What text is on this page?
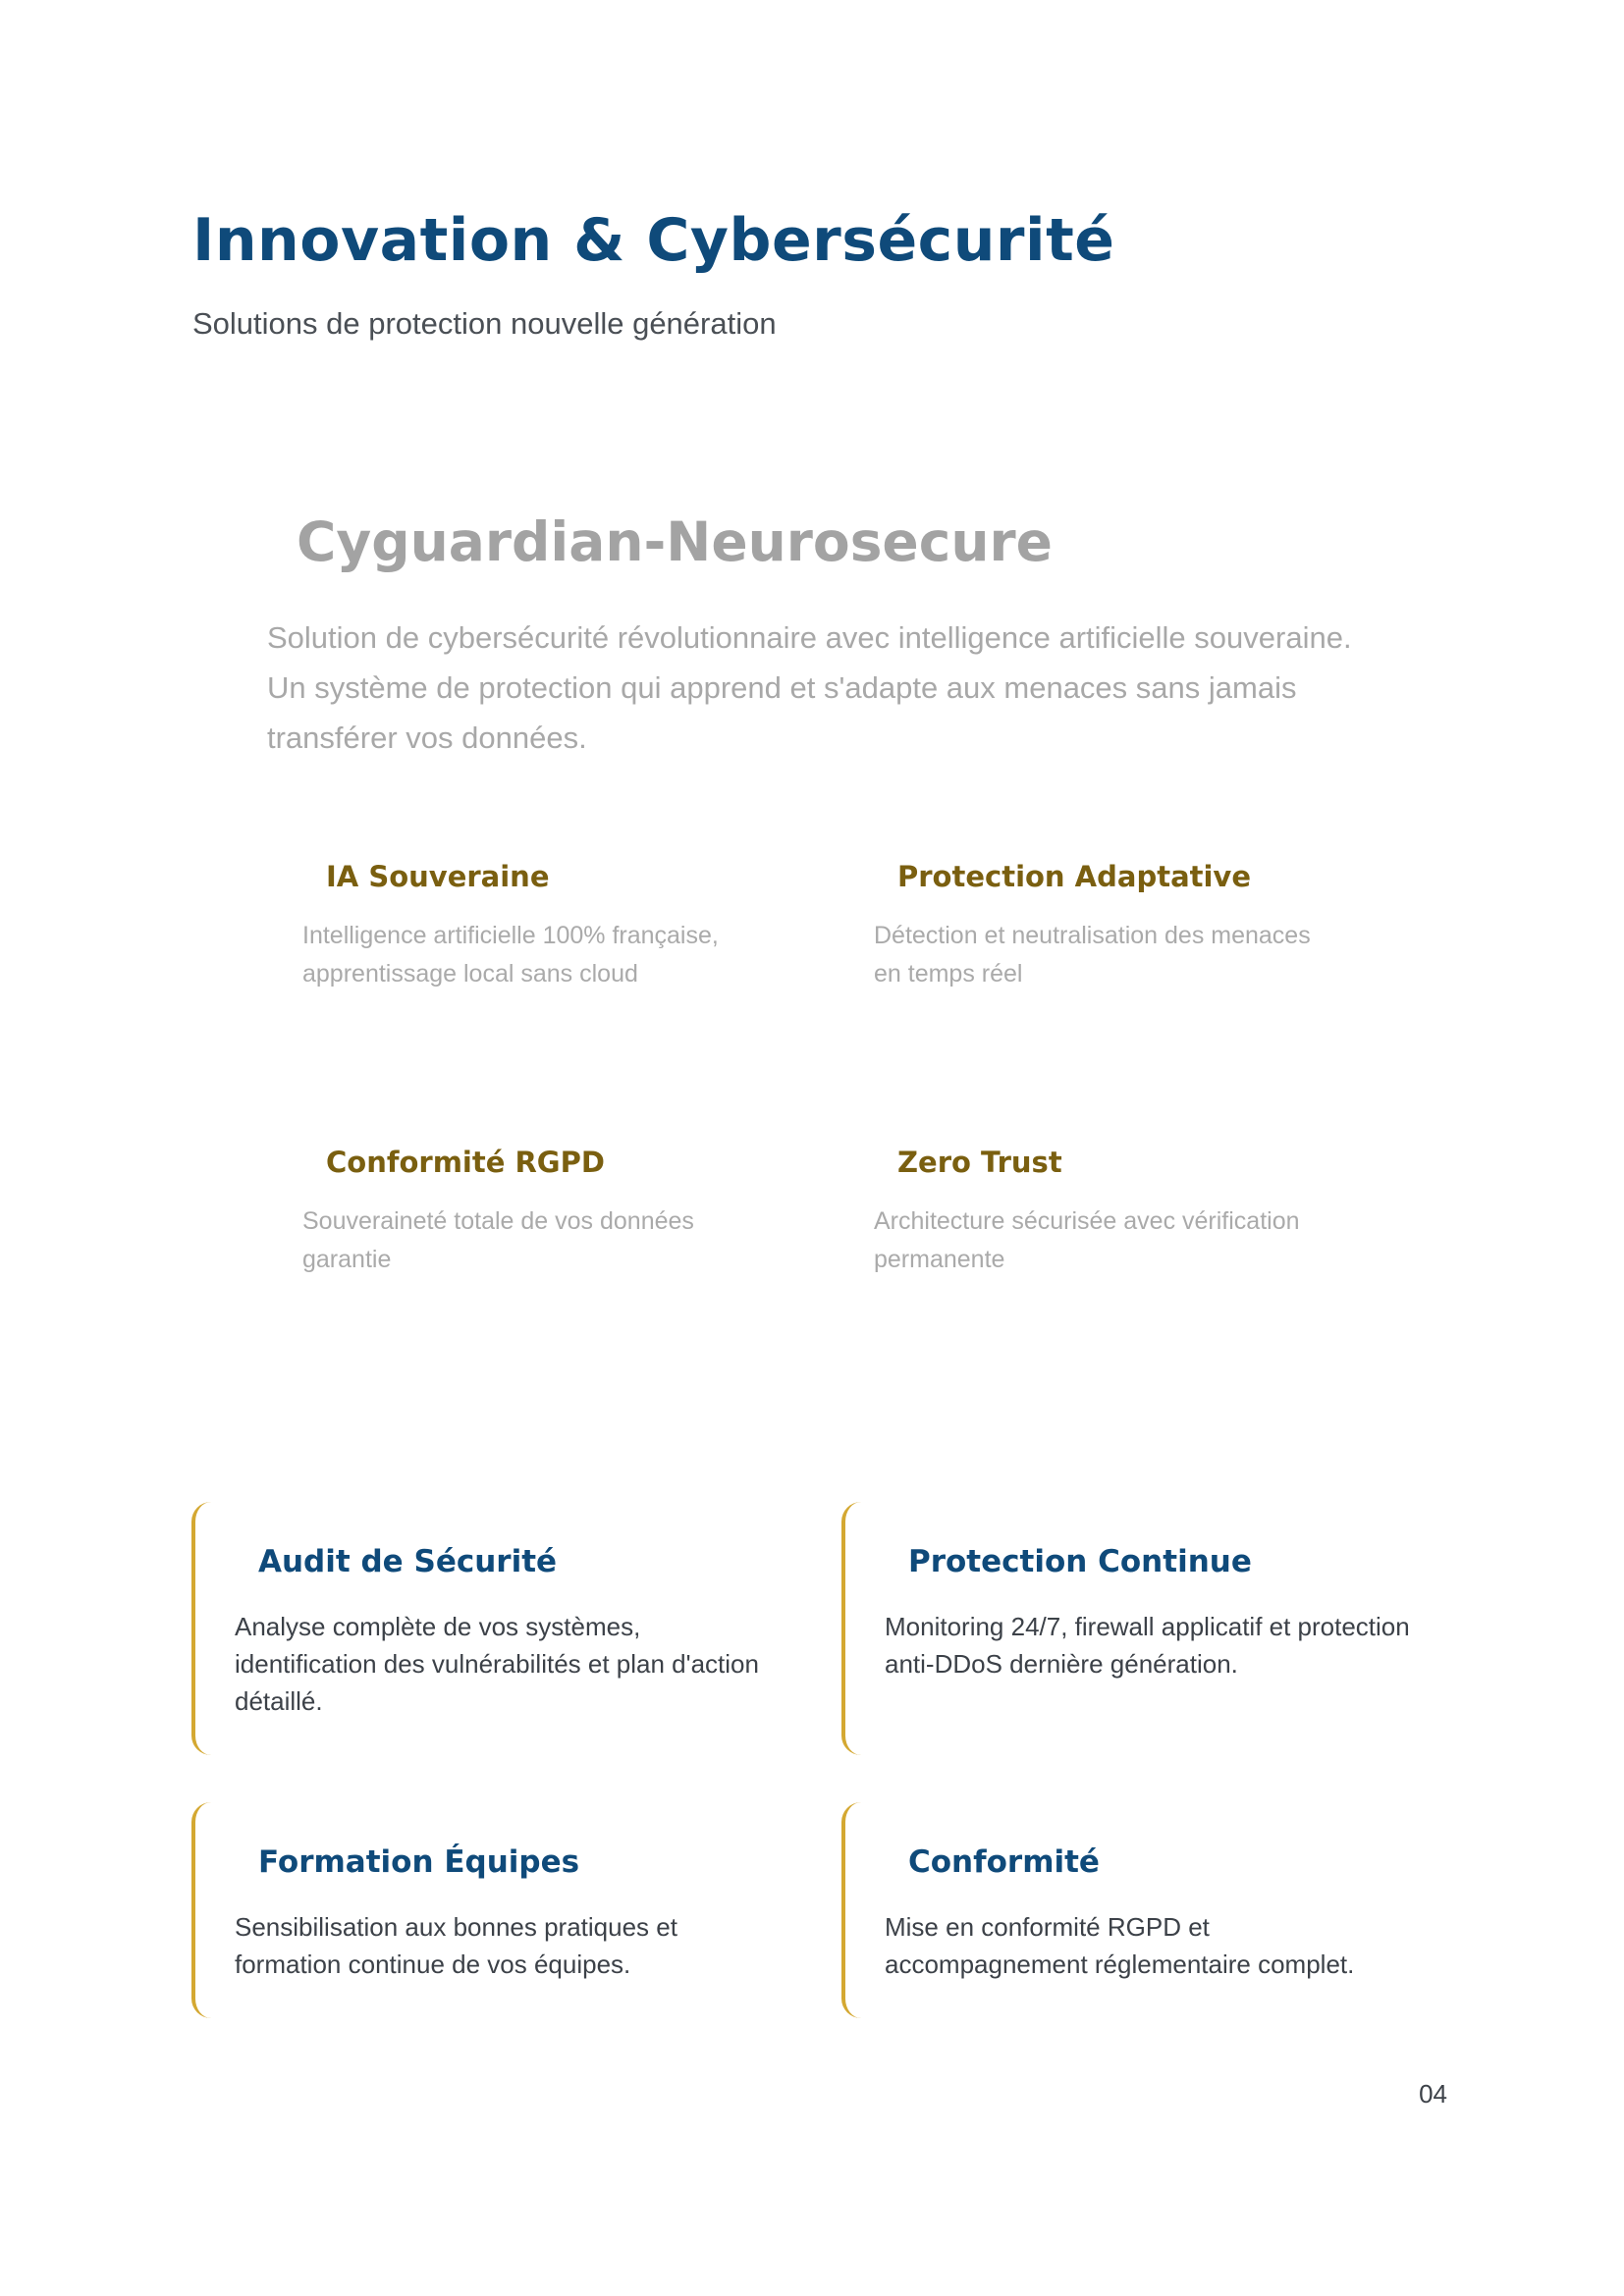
Innovation & Cybersécurité

Solutions de protection nouvelle génération

Cyguardian-Neurosecure

Solution de cybersécurité révolutionnaire avec intelligence artificielle souveraine. Un système de protection qui apprend et s'adapte aux menaces sans jamais transférer vos données.

IA Souveraine

Intelligence artificielle 100% française, apprentissage local sans cloud

Protection Adaptative

Détection et neutralisation des menaces en temps réel

Conformité RGPD

Souveraineté totale de vos données garantie

Zero Trust

Architecture sécurisée avec vérification permanente

Audit de Sécurité

Analyse complète de vos systèmes, identification des vulnérabilités et plan d'action détaillé.

Protection Continue

Monitoring 24/7, firewall applicatif et protection anti-DDoS dernière génération.

Formation Équipes

Sensibilisation aux bonnes pratiques et formation continue de vos équipes.

Conformité

Mise en conformité RGPD et accompagnement réglementaire complet.

04
